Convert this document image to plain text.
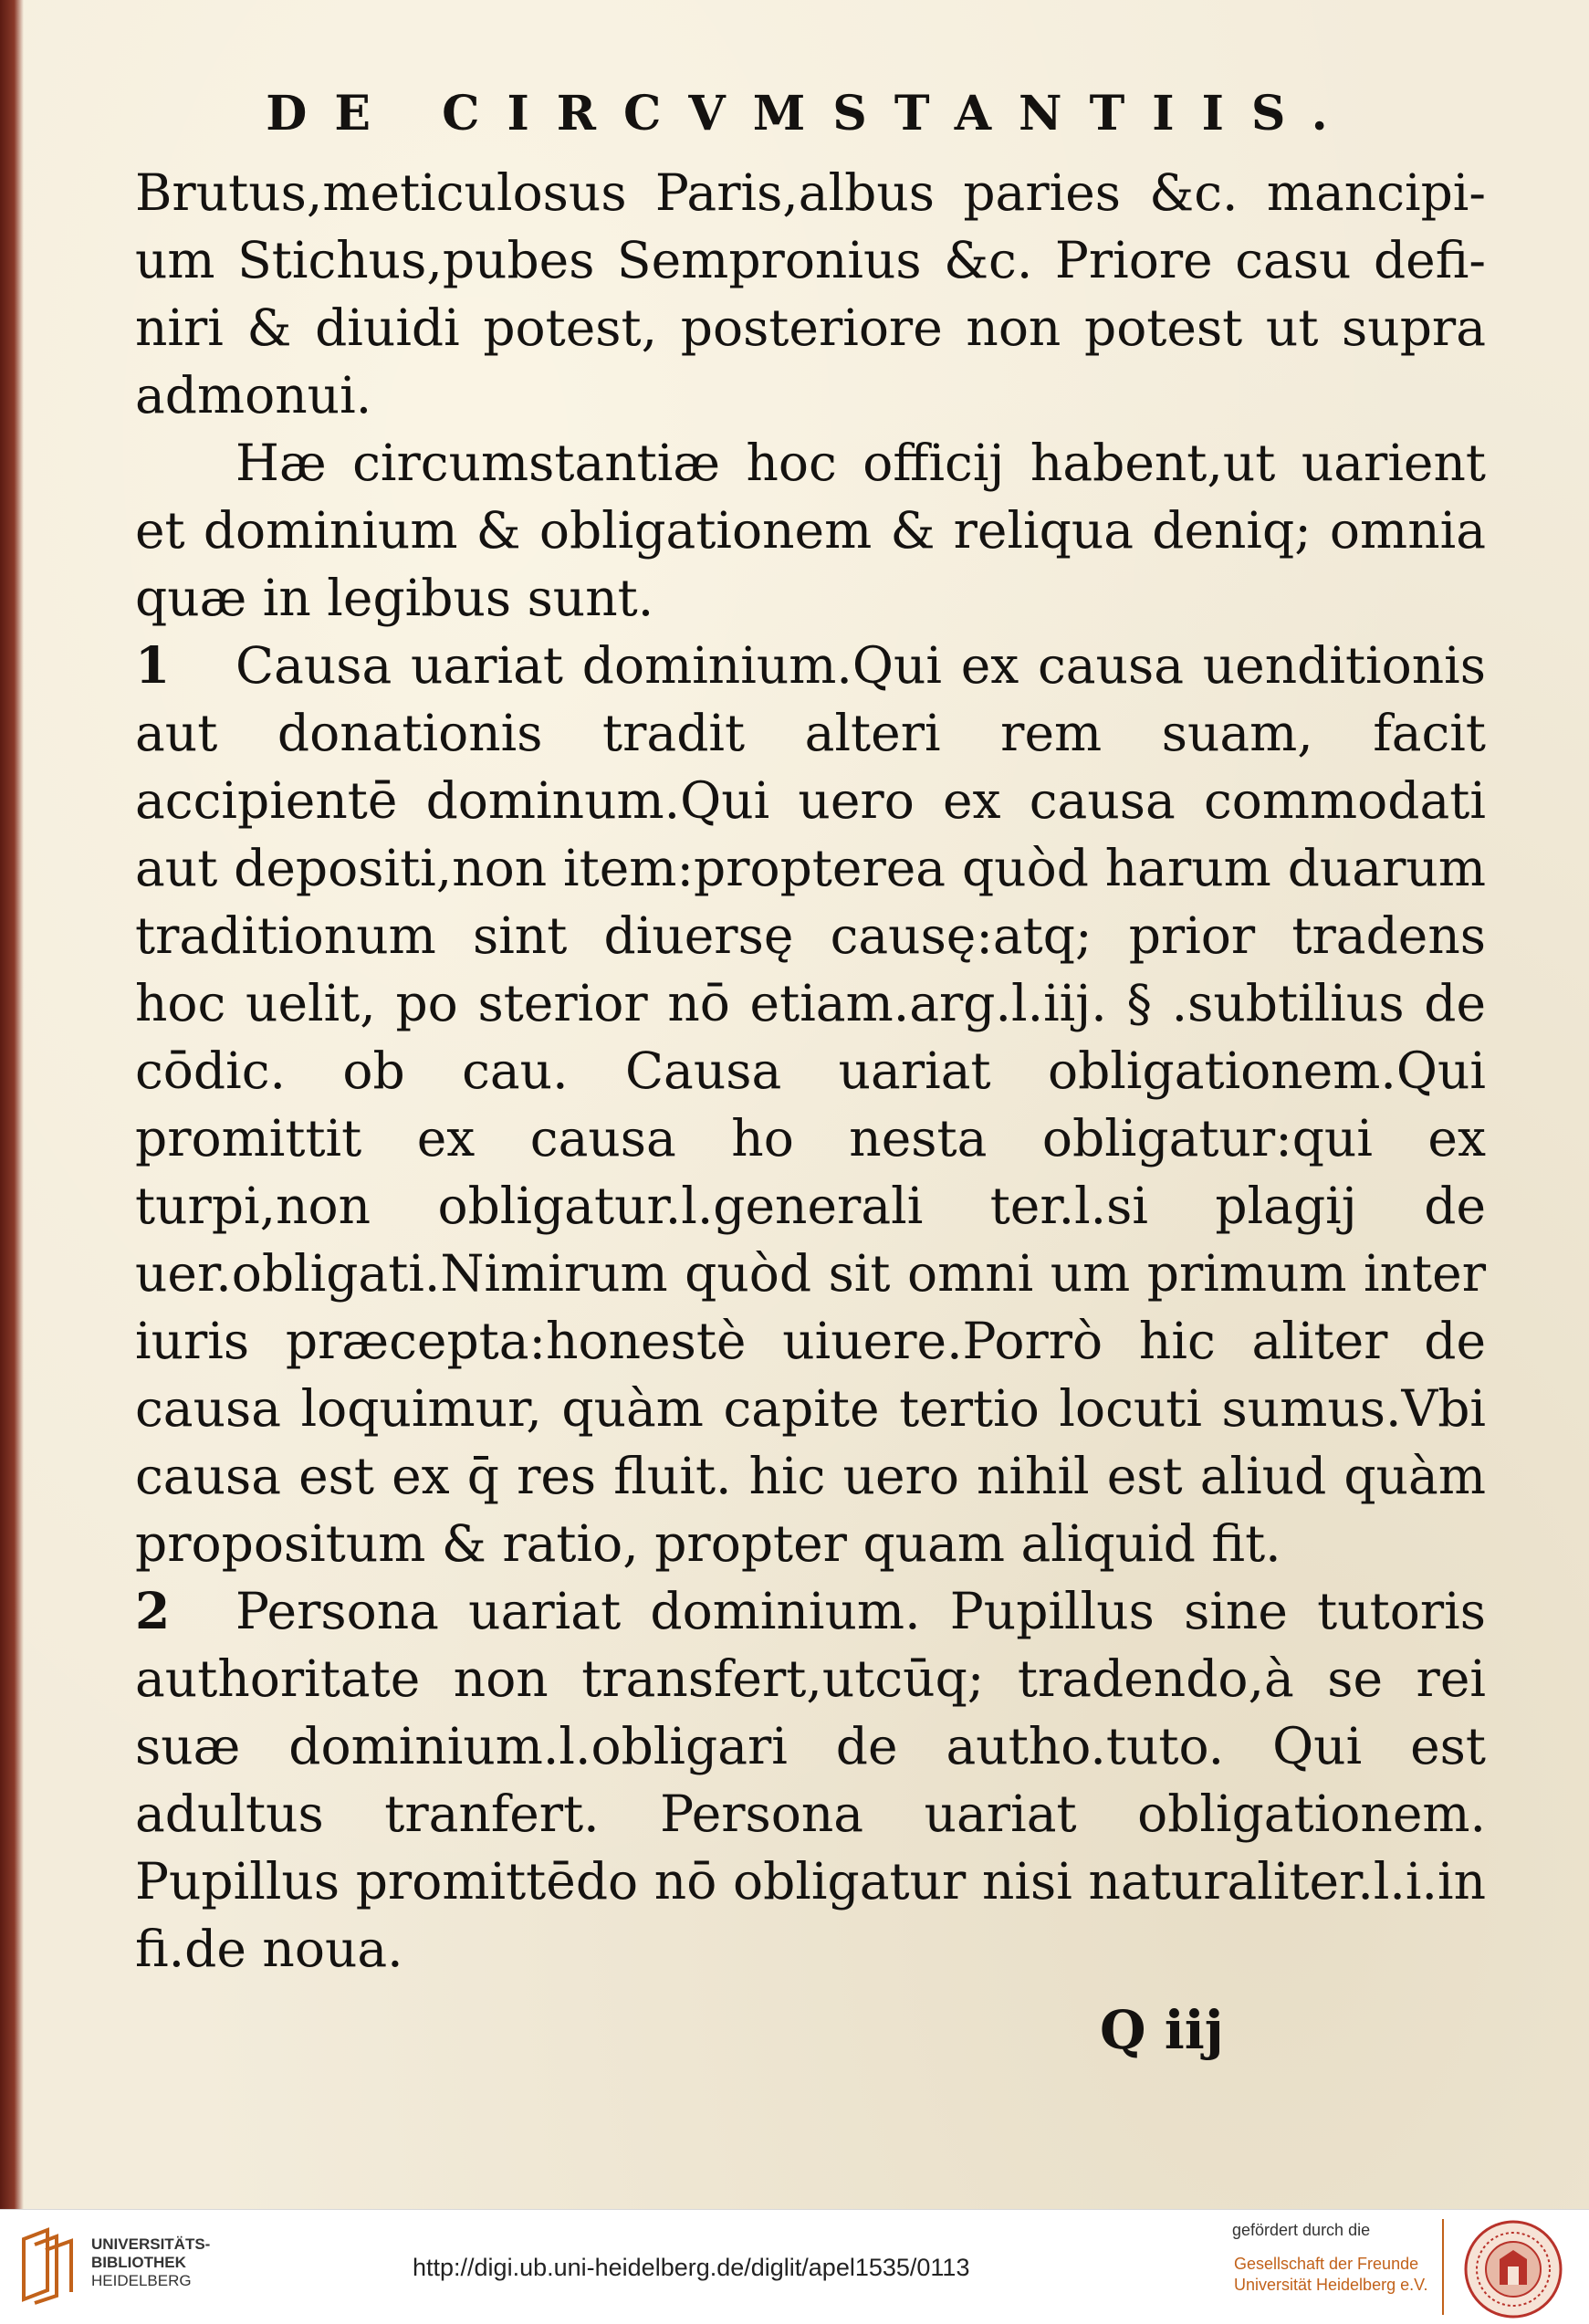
DE CIRCVMSTANTIIS.

Brutus,meticulosus Paris,albus paries &c. mancipium Stichus,pubes Sempronius &c. Priore casu definiri & diuidi potest, posteriore non potest ut supra admonui.

Hæ circumstantiæ hoc officij habent,ut uarient et dominium & obligationem & reliqua deniq; omnia quæ in legibus sunt.

1 Causa uariat dominium.Qui ex causa uenditionis aut donationis tradit alteri rem suam, facit accipientē dominum.Qui uero ex causa commodati aut depositi,non item:propterea quòd harum duarum traditionum sint diuersę causę:atq; prior tradens hoc uelit, po sterior nō etiam.arg.l.iij. § .subtilius de cōdic. ob cau. Causa uariat obligationem.Qui promittit ex causa ho nesta obligatur:qui ex turpi,non obligatur.l.generali ter.l.si plagij de uer.obligati.Nimirum quòd sit omni um primum inter iuris præcepta:honestè uiuere.Porrò hic aliter de causa loquimur, quàm capite tertio locuti sumus.Vbi causa est ex q̄ res fluit. hic uero nihil est aliud quàm propositum & ratio, propter quam aliquid fit.

2 Persona uariat dominium. Pupillus sine tutoris authoritate non transfert,utcūq; tradendo,à se rei suæ dominium.l.obligari de autho.tuto. Qui est adultus tranfert. Persona uariat obligationem. Pupillus promittēdo nō obligatur nisi naturaliter.l.i.in fi.de noua.

Q iij
UNIVERSITÄTS-
BIBLIOTHEK
HEIDELBERG	http://digi.ub.uni-heidelberg.de/diglit/apel1535/0113
gefördert durch die
Gesellschaft der Freunde
Universität Heidelberg e.V.
